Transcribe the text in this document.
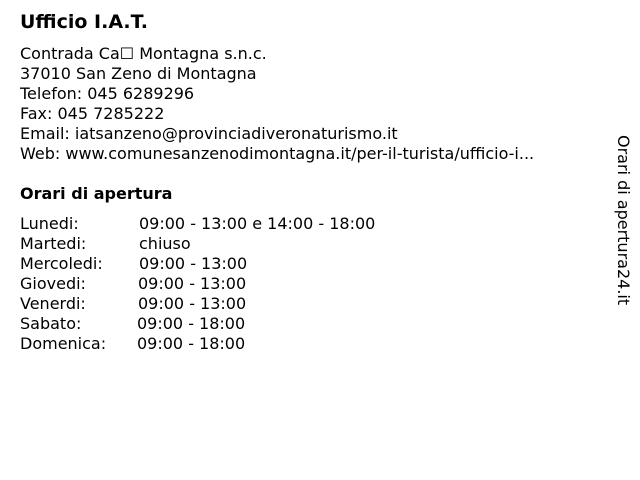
Ufficio I.A.T.
Contrada Ca☐ Montagna s.n.c.
37010 San Zeno di Montagna
Telefon: 045 6289296
Fax: 045 7285222
Email: iatsanzeno@provinciadiveronaturismo.it
Web: www.comunesanzenodimontagna.it/per-il-turista/ufficio-i...
Orari di apertura
Lunedi:	09:00 - 13:00 e 14:00 - 18:00
Martedi:	chiuso
Mercoledi: 09:00 - 13:00
Giovedi:	09:00 - 13:00
Venerdi:	09:00 - 13:00
Sabato:	09:00 - 18:00
Domenica: 09:00 - 18:00
Orari di apertura24.it
